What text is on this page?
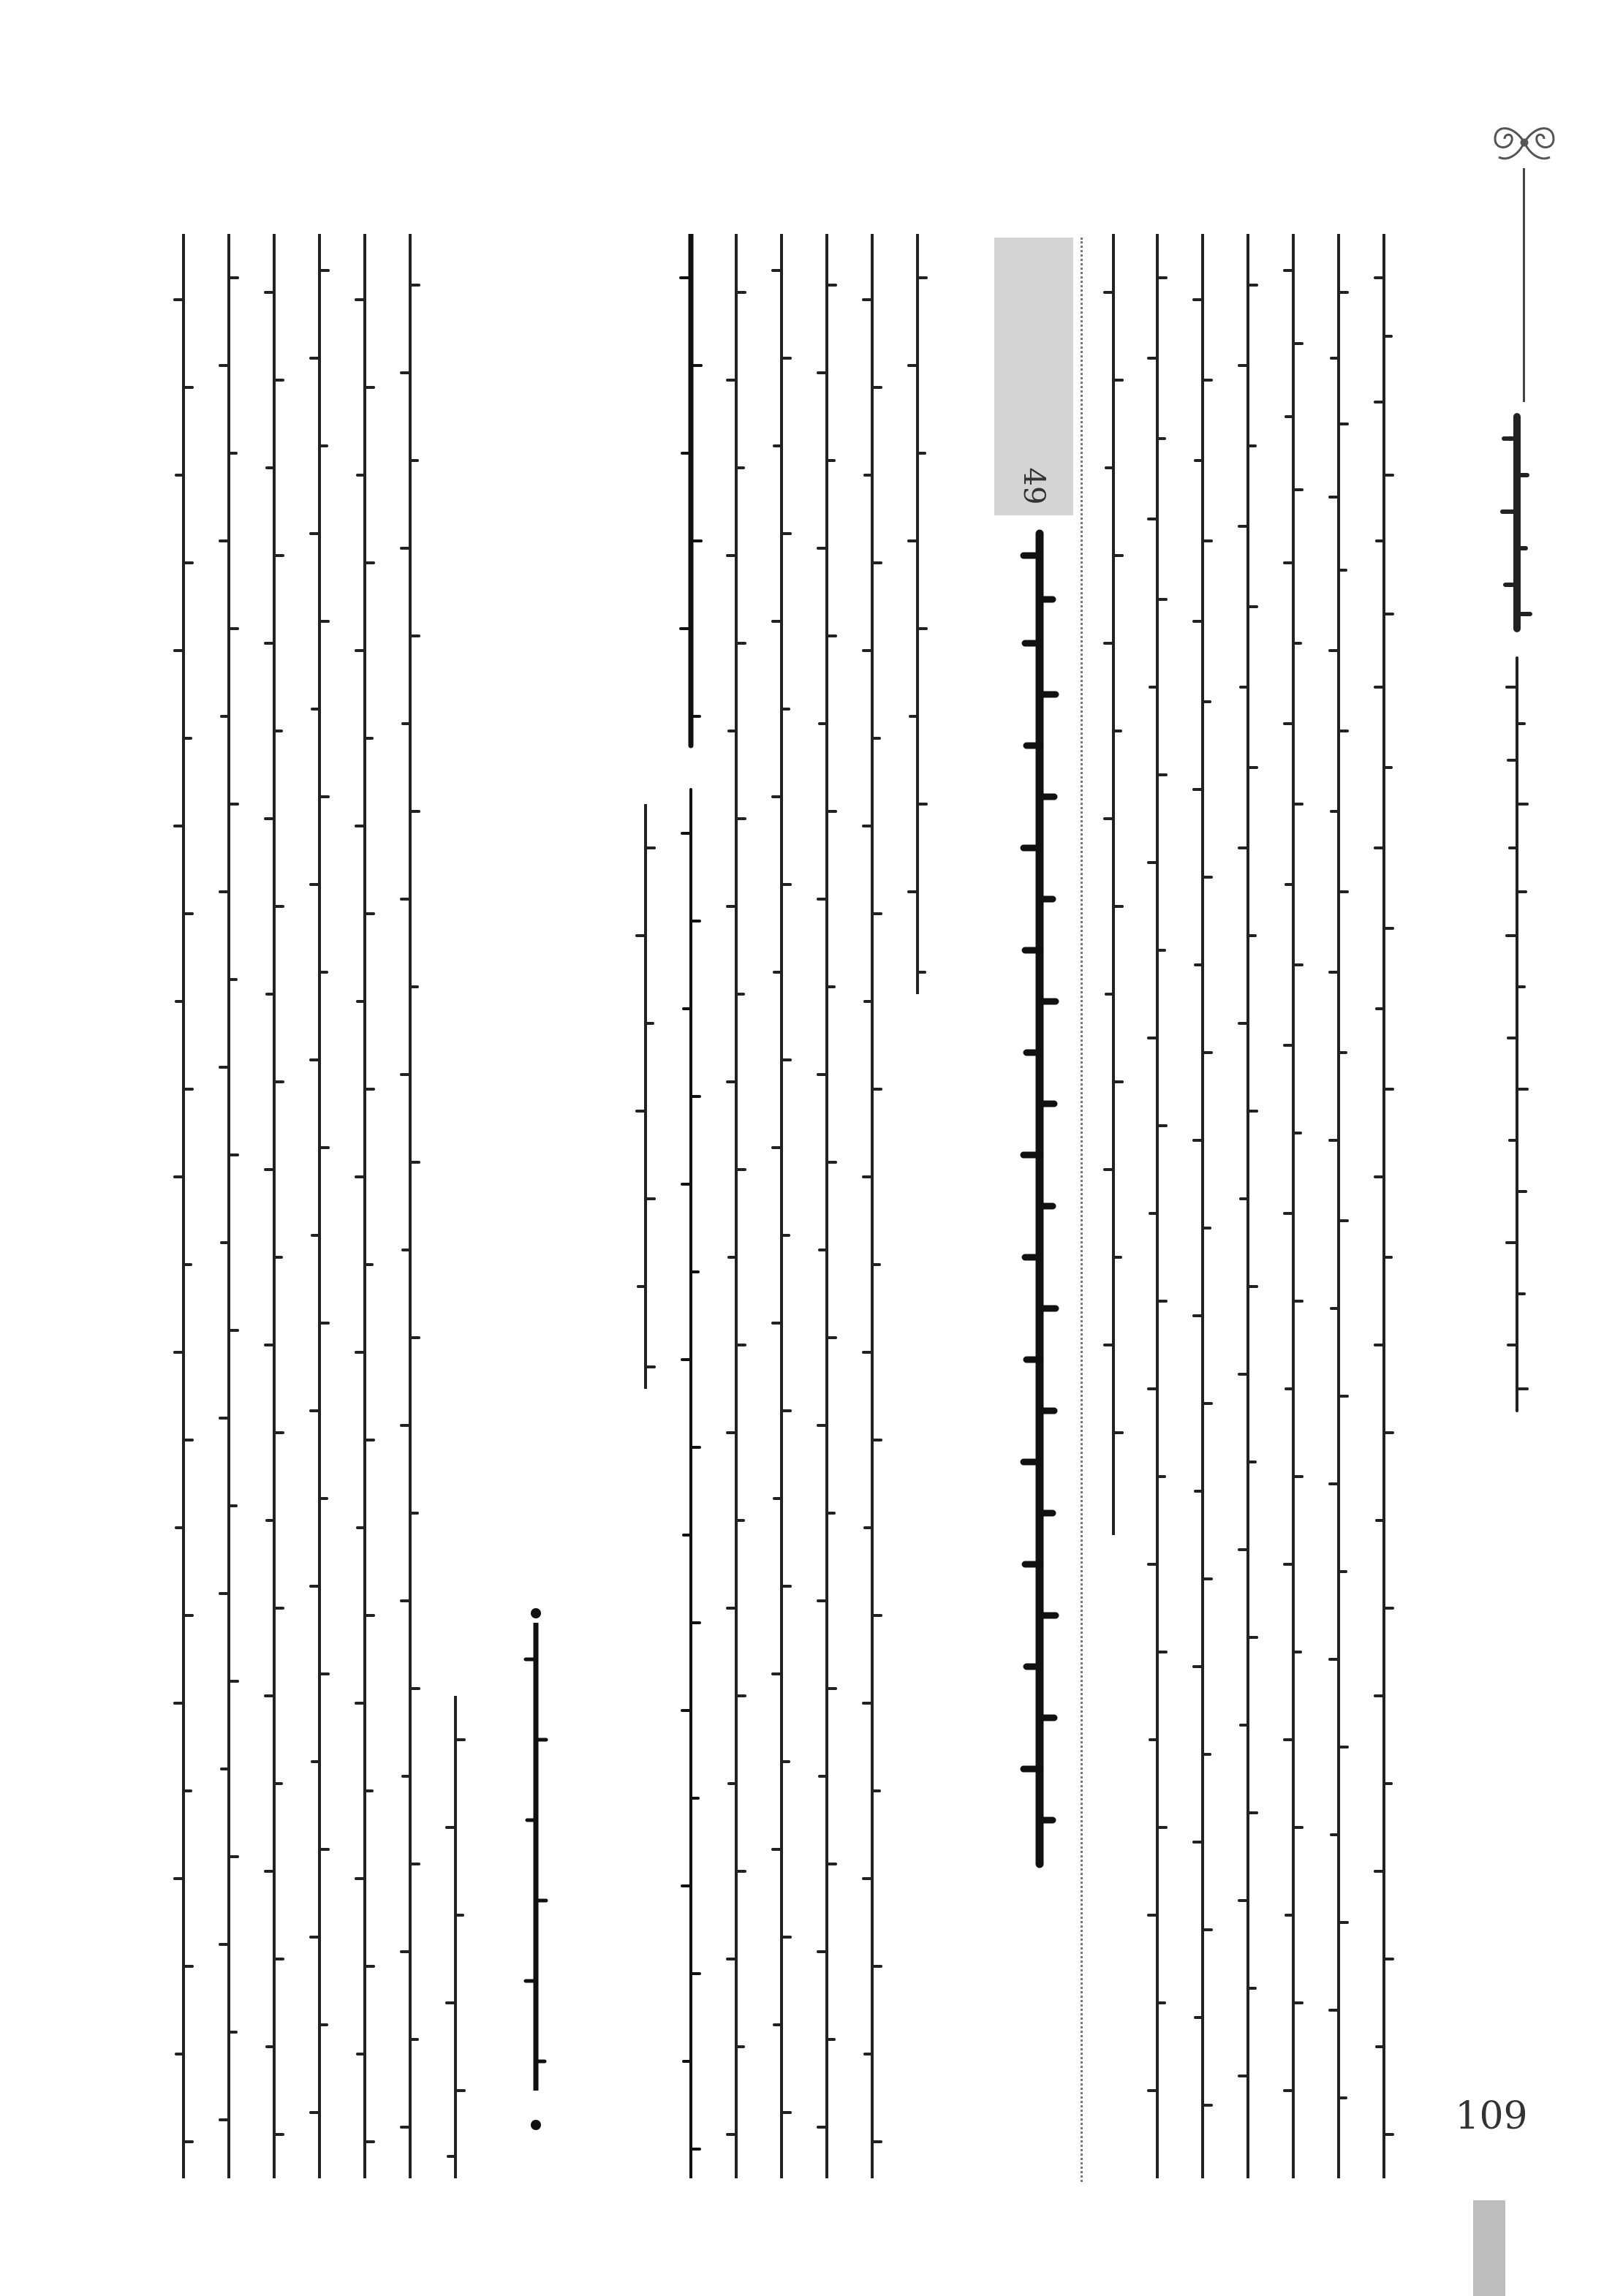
49
109
